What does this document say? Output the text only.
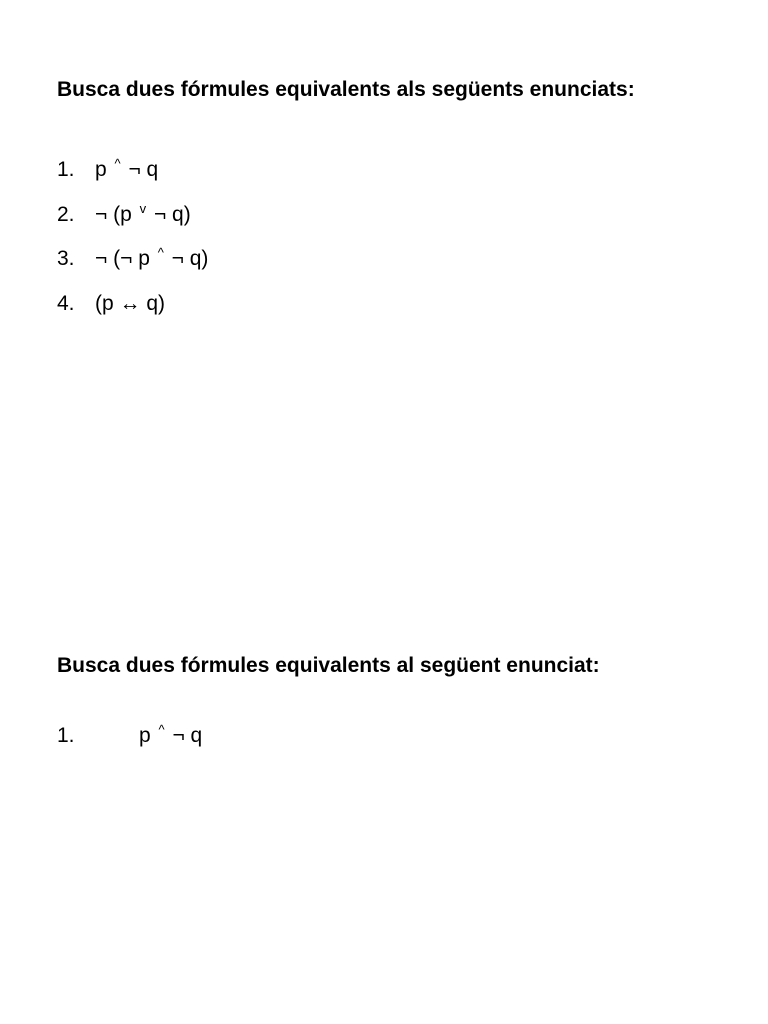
Busca dues fórmules equivalents als següents enunciats:

1. p ^ ¬ q
2. ¬ (p $^v$ ¬ q)
3. ¬ (¬ p ^ ¬ q)
4. (p ↔ q)

Busca dues fórmules equivalents al següent enunciat:

1.	p ^ ¬ q
